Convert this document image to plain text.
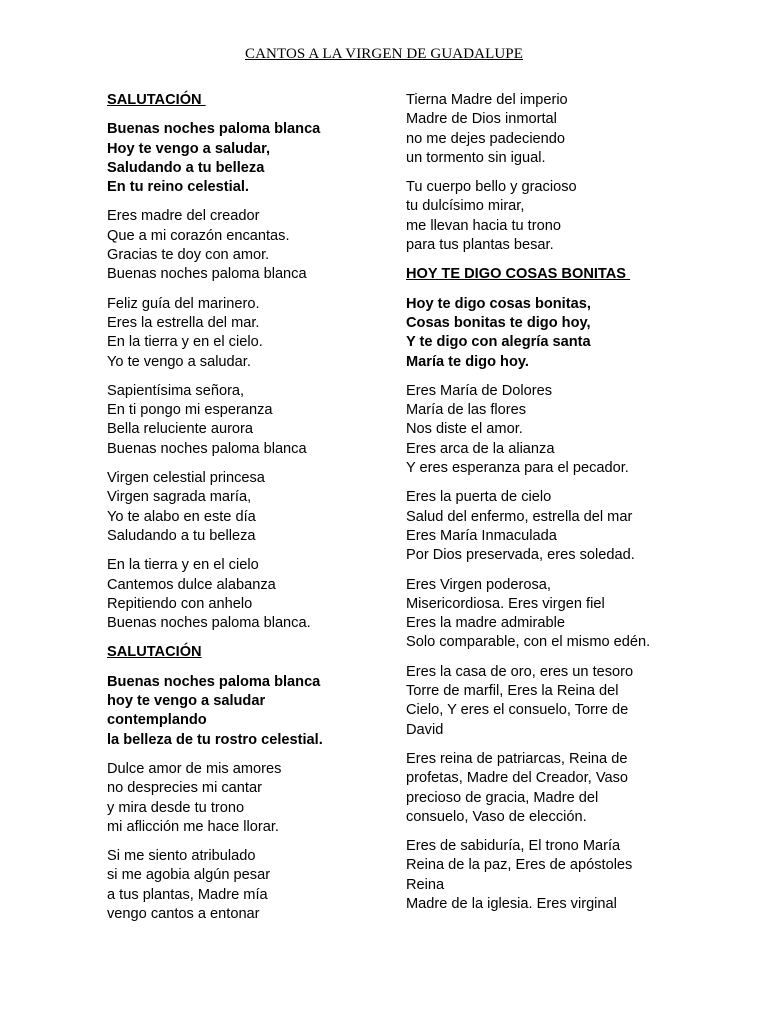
CANTOS A LA VIRGEN DE GUADALUPE
SALUTACIÓN
Buenas noches paloma blanca
Hoy te vengo a saludar,
Saludando a tu belleza
En tu reino celestial.
Eres madre del creador
Que a mi corazón encantas.
Gracias te doy con amor.
Buenas noches paloma blanca
Feliz guía del marinero.
Eres la estrella del mar.
En la tierra y en el cielo.
Yo te vengo a saludar.
Sapientísima señora,
En ti pongo mi esperanza
Bella reluciente aurora
Buenas noches paloma blanca
Virgen celestial princesa
Virgen sagrada maría,
Yo te alabo en este día
Saludando a tu belleza
En la tierra y en el cielo
Cantemos dulce alabanza
Repitiendo con anhelo
Buenas noches paloma blanca.
SALUTACIÓN
Buenas noches paloma blanca
hoy te vengo a saludar
contemplando
la belleza de tu rostro celestial.
Dulce amor de mis amores
no desprecies mi cantar
y mira desde tu trono
mi aflicción me hace llorar.
Si me siento atribulado
si me agobia algún pesar
a tus plantas, Madre mía
vengo cantos a entonar
Tierna Madre del imperio
Madre de Dios inmortal
no me dejes padeciendo
un tormento sin igual.
Tu cuerpo bello y gracioso
tu dulcísimo mirar,
me llevan hacia tu trono
para tus plantas besar.
HOY TE DIGO COSAS BONITAS
Hoy te digo cosas bonitas,
Cosas bonitas te digo hoy,
Y te digo con alegría santa
María te digo hoy.
Eres María de Dolores
María de las flores
Nos diste el amor.
Eres arca de la alianza
Y eres esperanza para el pecador.
Eres la puerta de cielo
Salud del enfermo, estrella del mar
Eres María Inmaculada
Por Dios preservada, eres soledad.
Eres Virgen poderosa,
Misericordiosa. Eres virgen fiel
Eres la madre admirable
Solo comparable, con el mismo edén.
Eres la casa de oro, eres un tesoro
Torre de marfil, Eres la Reina del
Cielo, Y eres el consuelo, Torre de
David
Eres reina de patriarcas, Reina de
profetas, Madre del Creador, Vaso
precioso de gracia, Madre del
consuelo, Vaso de elección.
Eres de sabiduría, El trono María
Reina de la paz, Eres de apóstoles
Reina
Madre de la iglesia. Eres virginal
